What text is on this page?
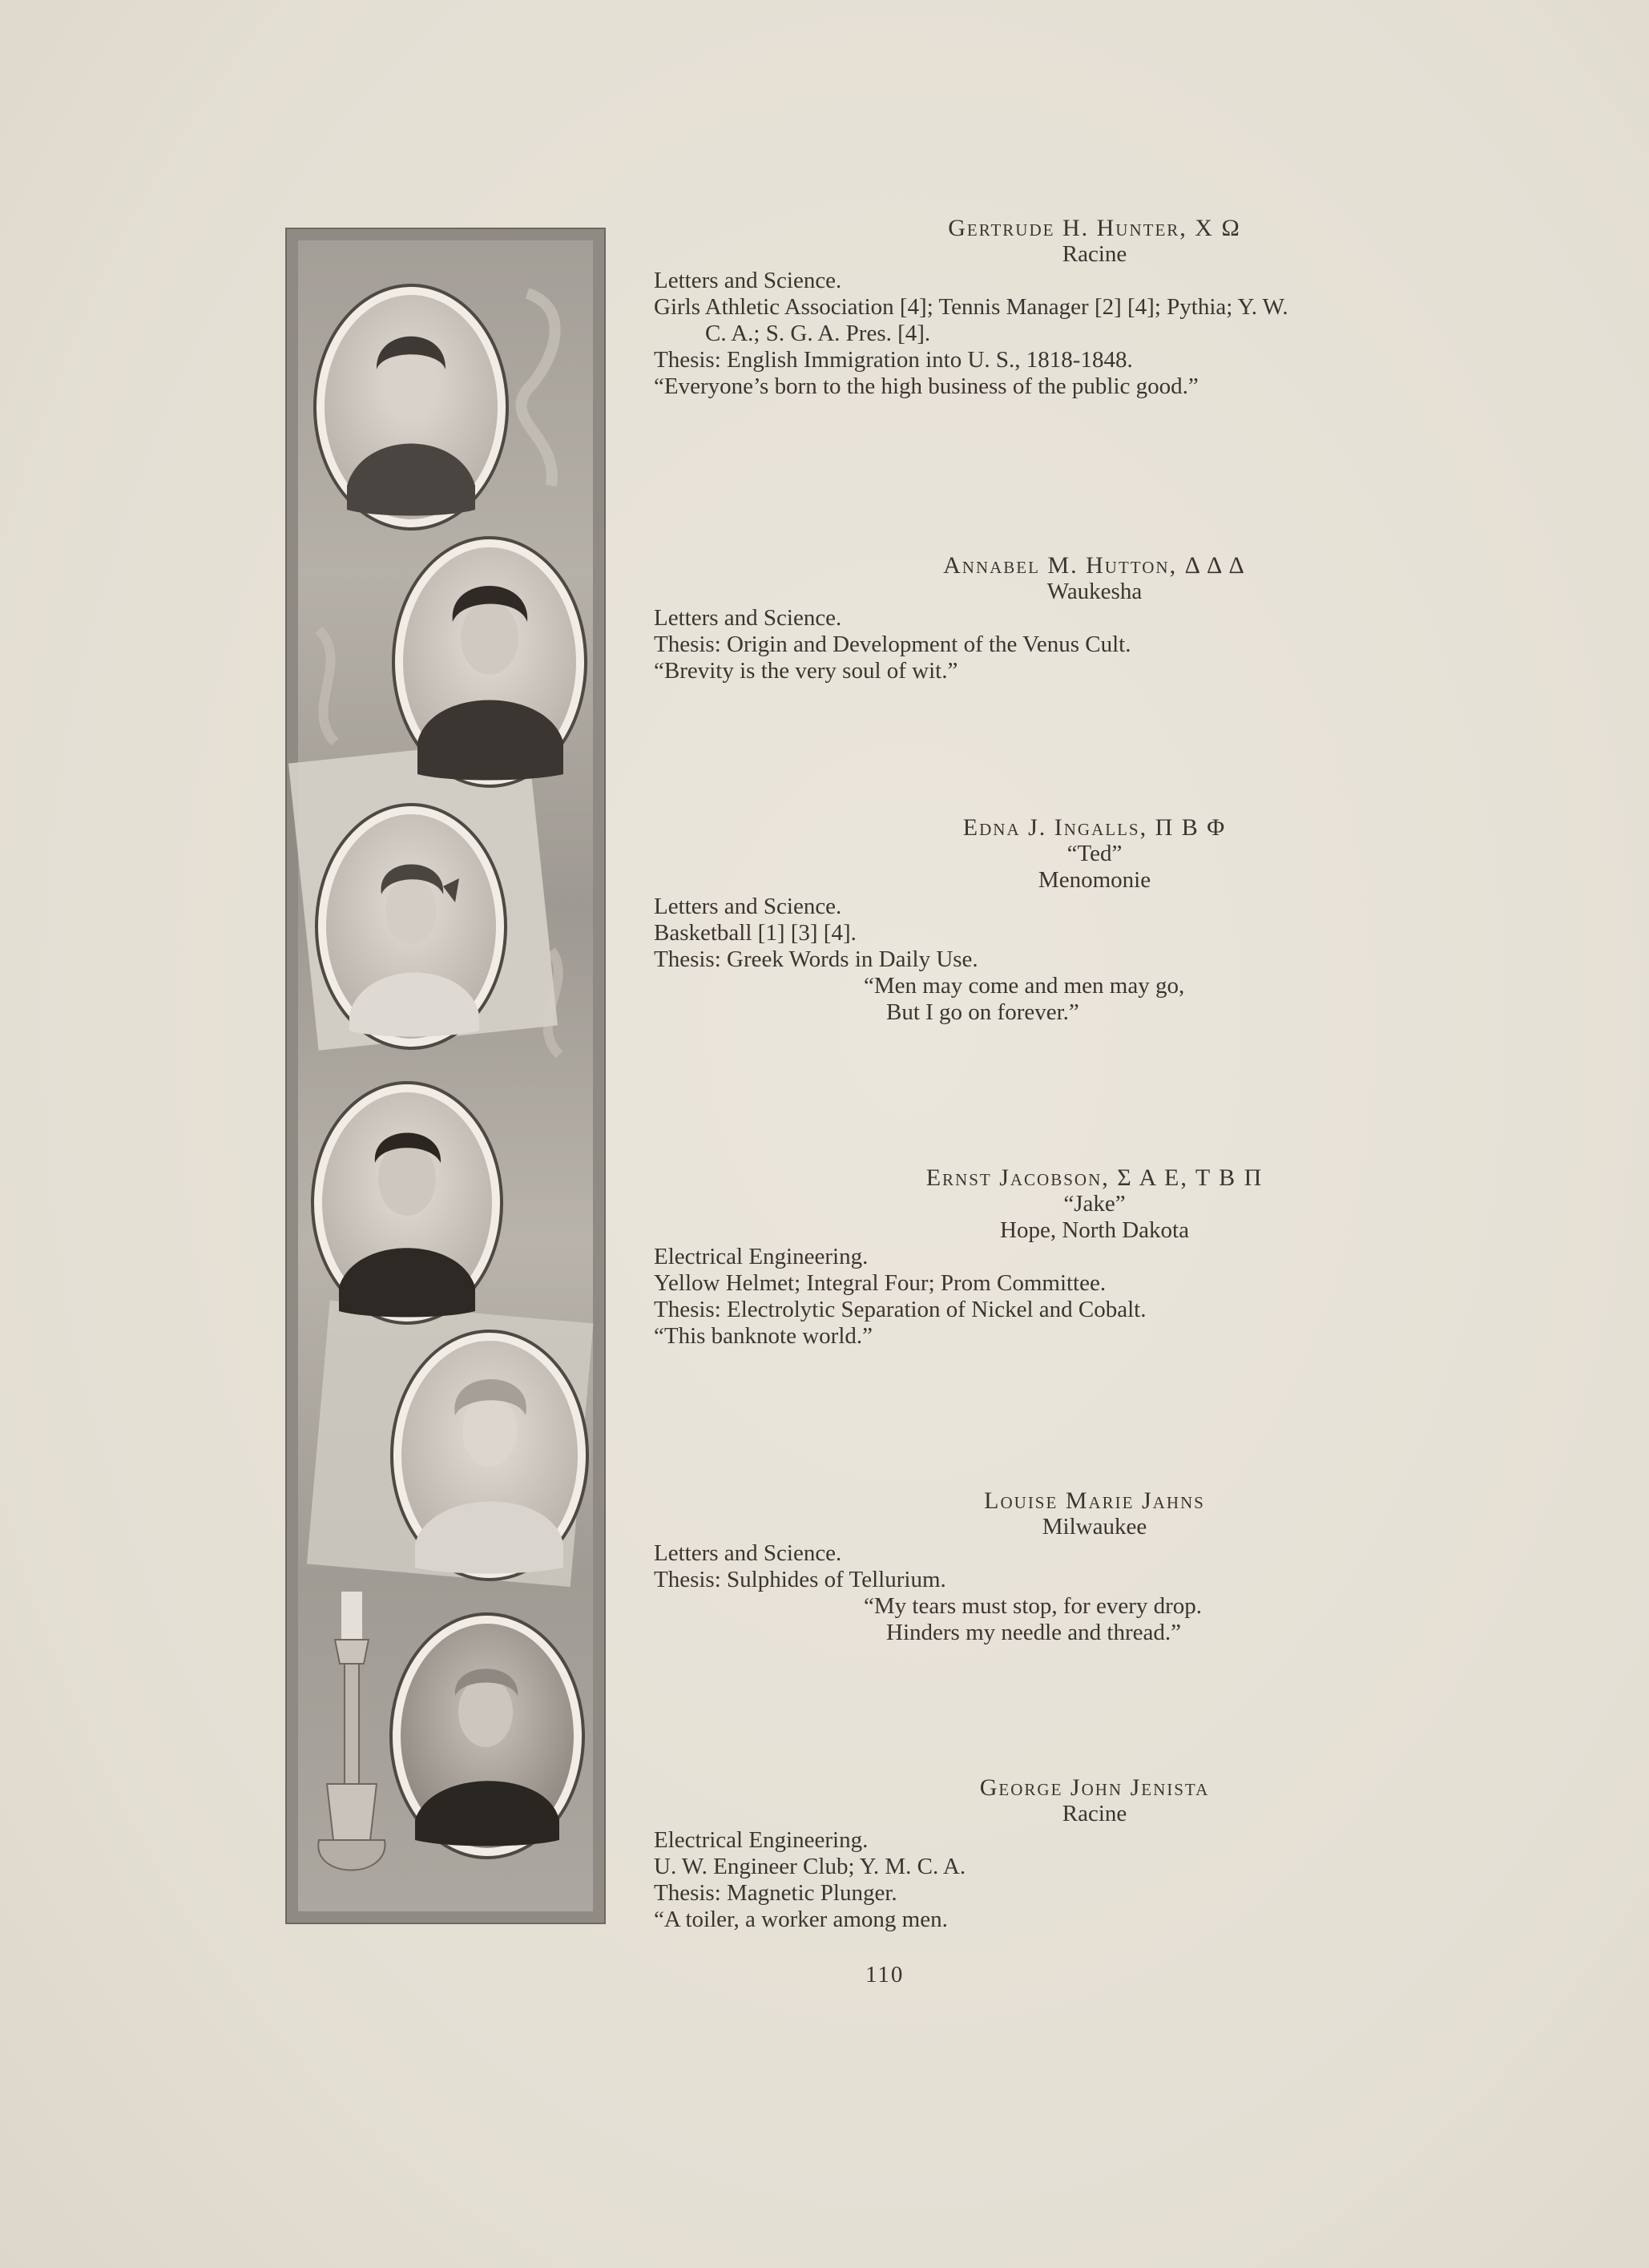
Gertrude H. Hunter, Χ Ω
Racine
Letters and Science.
Girls Athletic Association [4]; Tennis Manager [2] [4]; Pythia; Y. W.
C. A.; S. G. A. Pres. [4].
Thesis: English Immigration into U. S., 1818-1848.
“Everyone’s born to the high business of the public good.”
Annabel M. Hutton, Δ Δ Δ
Waukesha
Letters and Science.
Thesis: Origin and Development of the Venus Cult.
“Brevity is the very soul of wit.”
Edna J. Ingalls, Π Β Φ
“Ted”
Menomonie
Letters and Science.
Basketball [1] [3] [4].
Thesis: Greek Words in Daily Use.
“Men may come and men may go,
But I go on forever.”
Ernst Jacobson, Σ Α Ε, Τ Β Π
“Jake”
Hope, North Dakota
Electrical Engineering.
Yellow Helmet; Integral Four; Prom Committee.
Thesis: Electrolytic Separation of Nickel and Cobalt.
“This banknote world.”
Louise Marie Jahns
Milwaukee
Letters and Science.
Thesis: Sulphides of Tellurium.
“My tears must stop, for every drop.
Hinders my needle and thread.”
George John Jenista
Racine
Electrical Engineering.
U. W. Engineer Club; Y. M. C. A.
Thesis: Magnetic Plunger.
“A toiler, a worker among men.
110
